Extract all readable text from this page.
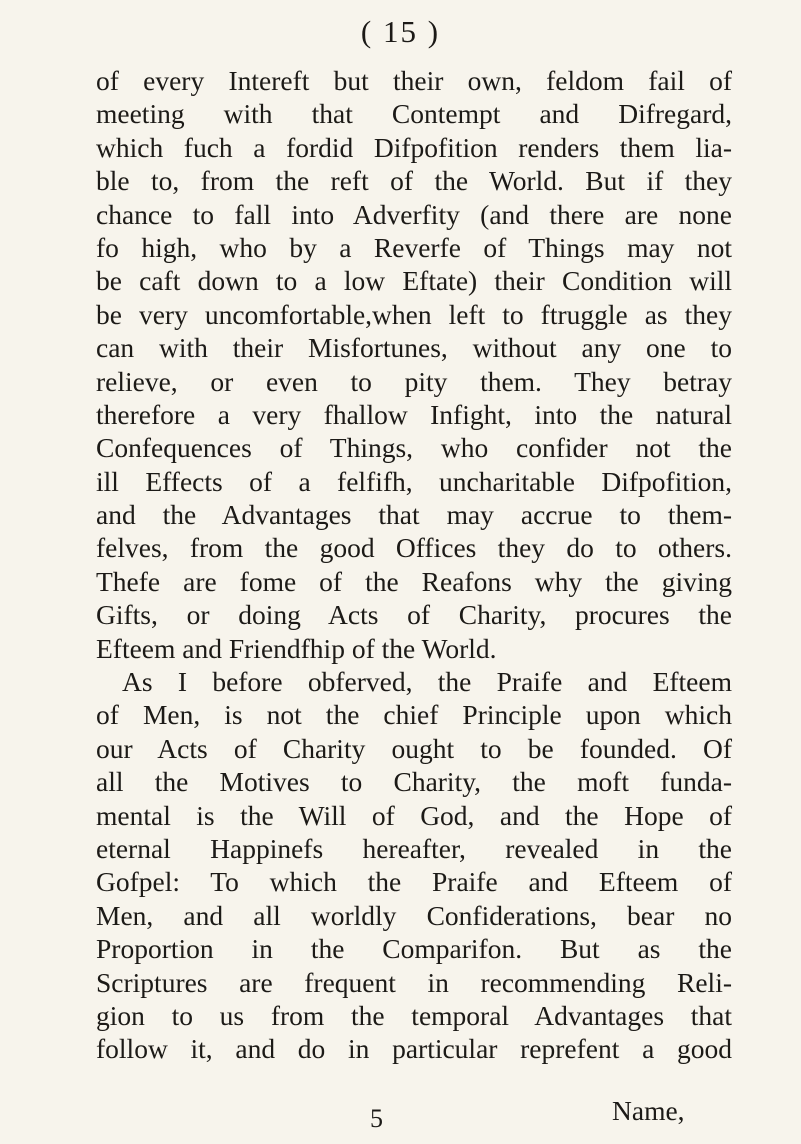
( 15 )
of every Intereft but their own, feldom fail of
meeting with that Contempt and Difregard,
which fuch a fordid Difpofition renders them lia-
ble to, from the reft of the World. But if they
chance to fall into Adverfity (and there are none
fo high, who by a Reverfe of Things may not
be caft down to a low Eftate) their Condition will
be very uncomfortable,when left to ftruggle as they
can with their Misfortunes, without any one to
relieve, or even to pity them. They betray
therefore a very fhallow Infight, into the natural
Confequences of Things, who confider not the
ill Effects of a felfifh, uncharitable Difpofition,
and the Advantages that may accrue to them-
felves, from the good Offices they do to others.
Thefe are fome of the Reafons why the giving
Gifts, or doing Acts of Charity, procures the
Efteem and Friendfhip of the World.
As I before obferved, the Praife and Efteem
of Men, is not the chief Principle upon which
our Acts of Charity ought to be founded. Of
all the Motives to Charity, the moft funda-
mental is the Will of God, and the Hope of
eternal Happinefs hereafter, revealed in the
Gofpel: To which the Praife and Efteem of
Men, and all worldly Confiderations, bear no
Proportion in the Comparifon. But as the
Scriptures are frequent in recommending Reli-
gion to us from the temporal Advantages that
follow it, and do in particular reprefent a good
5	Name,
